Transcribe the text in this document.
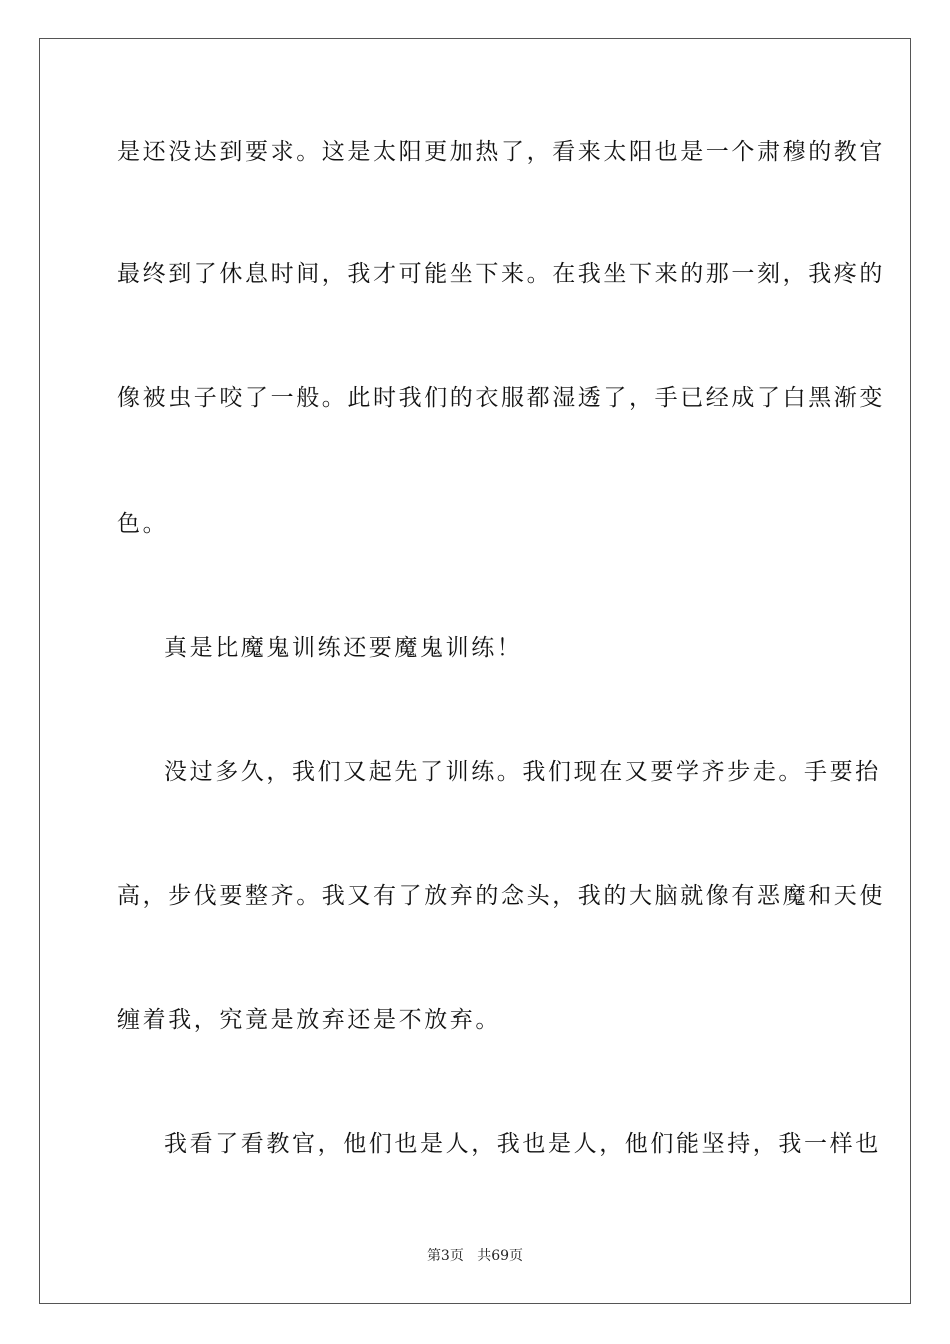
是还没达到要求。这是太阳更加热了，看来太阳也是一个肃穆的教官
最终到了休息时间，我才可能坐下来。在我坐下来的那一刻，我疼的
像被虫子咬了一般。此时我们的衣服都湿透了，手已经成了白黑渐变
色。
真是比魔鬼训练还要魔鬼训练！
没过多久，我们又起先了训练。我们现在又要学齐步走。手要抬
高，步伐要整齐。我又有了放弃的念头，我的大脑就像有恶魔和天使
缠着我，究竟是放弃还是不放弃。
我看了看教官，他们也是人，我也是人，他们能坚持，我一样也
第3页 共69页
